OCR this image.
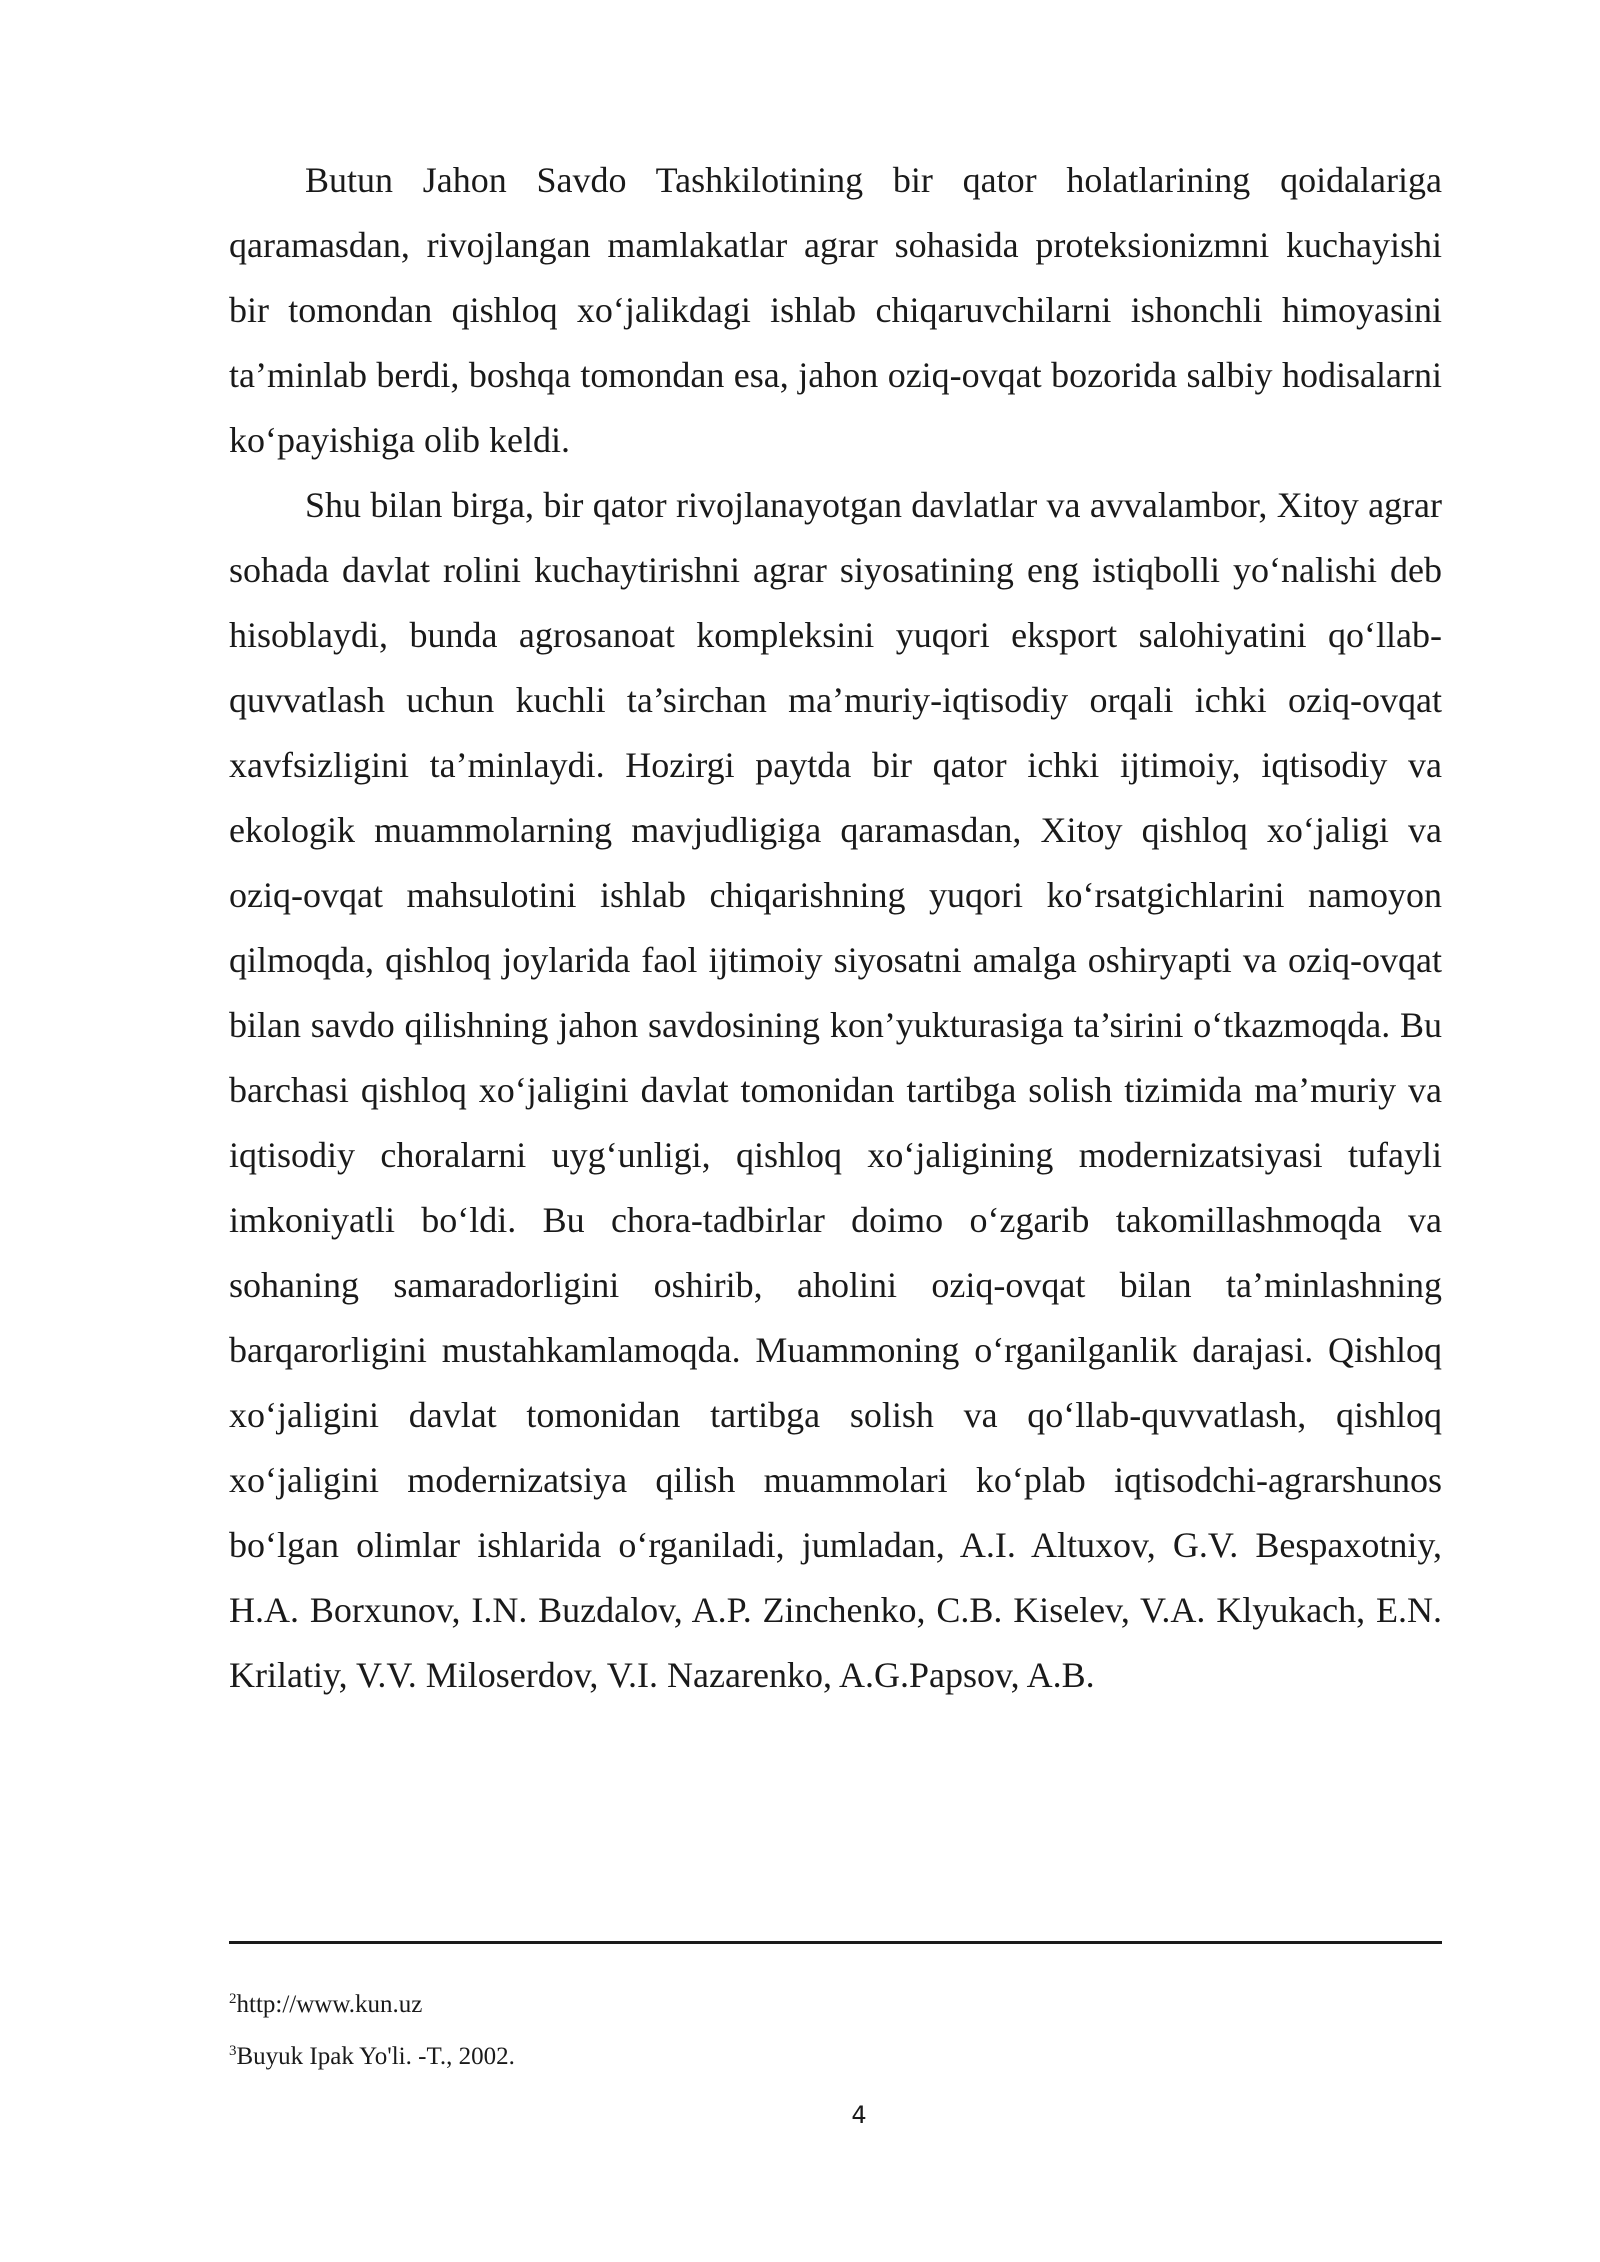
Butun Jahon Savdo Tashkilotining bir qator holatlarining qoidalariga qaramasdan, rivojlangan mamlakatlar agrar sohasida proteksionizmni kuchayishi bir tomondan qishloq xo‘jalikdagi ishlab chiqaruvchilarni ishonchli himoyasini ta’minlab berdi, boshqa tomondan esa, jahon oziq-ovqat bozorida salbiy hodisalarni ko‘payishiga olib keldi.

Shu bilan birga, bir qator rivojlanayotgan davlatlar va avvalambor, Xitoy agrar sohada davlat rolini kuchaytirishni agrar siyosatining eng istiqbolli yo‘nalishi deb hisoblaydi, bunda agrosanoat kompleksini yuqori eksport salohiyatini qo‘llab-quvvatlash uchun kuchli ta’sirchan ma’muriy-iqtisodiy orqali ichki oziq-ovqat xavfsizligini ta’minlaydi. Hozirgi paytda bir qator ichki ijtimoiy, iqtisodiy va ekologik muammolarning mavjudligiga qaramasdan, Xitoy qishloq xo‘jaligi va oziq-ovqat mahsulotini ishlab chiqarishning yuqori ko‘rsatgichlarini namoyon qilmoqda, qishloq joylarida faol ijtimoiy siyosatni amalga oshiryapti va oziq-ovqat bilan savdo qilishning jahon savdosining kon’yukturasiga ta’sirini o‘tkazmoqda. Bu barchasi qishloq xo‘jaligini davlat tomonidan tartibga solish tizimida ma’muriy va iqtisodiy choralarni uyg‘unligi, qishloq xo‘jaligining modernizatsiyasi tufayli imkoniyatli bo‘ldi. Bu chora-tadbirlar doimo o‘zgarib takomillashmoqda va sohaning samaradorligini oshirib, aholini oziq-ovqat bilan ta’minlashning barqarorligini mustahkamlamoqda. Muammoning o‘rganilganlik darajasi. Qishloq xo‘jaligini davlat tomonidan tartibga solish va qo‘llab-quvvatlash, qishloq xo‘jaligini modernizatsiya qilish muammolari ko‘plab iqtisodchi-agrarshunos bo‘lgan olimlar ishlarida o‘rganiladi, jumladan, A.I. Altuxov, G.V. Bespaxotniy, H.A. Borxunov, I.N. Buzdalov, A.P. Zinchenko, C.B. Kiselev, V.A. Klyukach, E.N. Krilatiy, V.V. Miloserdov, V.I. Nazarenko, A.G.Papsov, A.B.

$^2$http://www.kun.uz

$^3$Buyuk Ipak Yo'li. -T., 2002.

4
